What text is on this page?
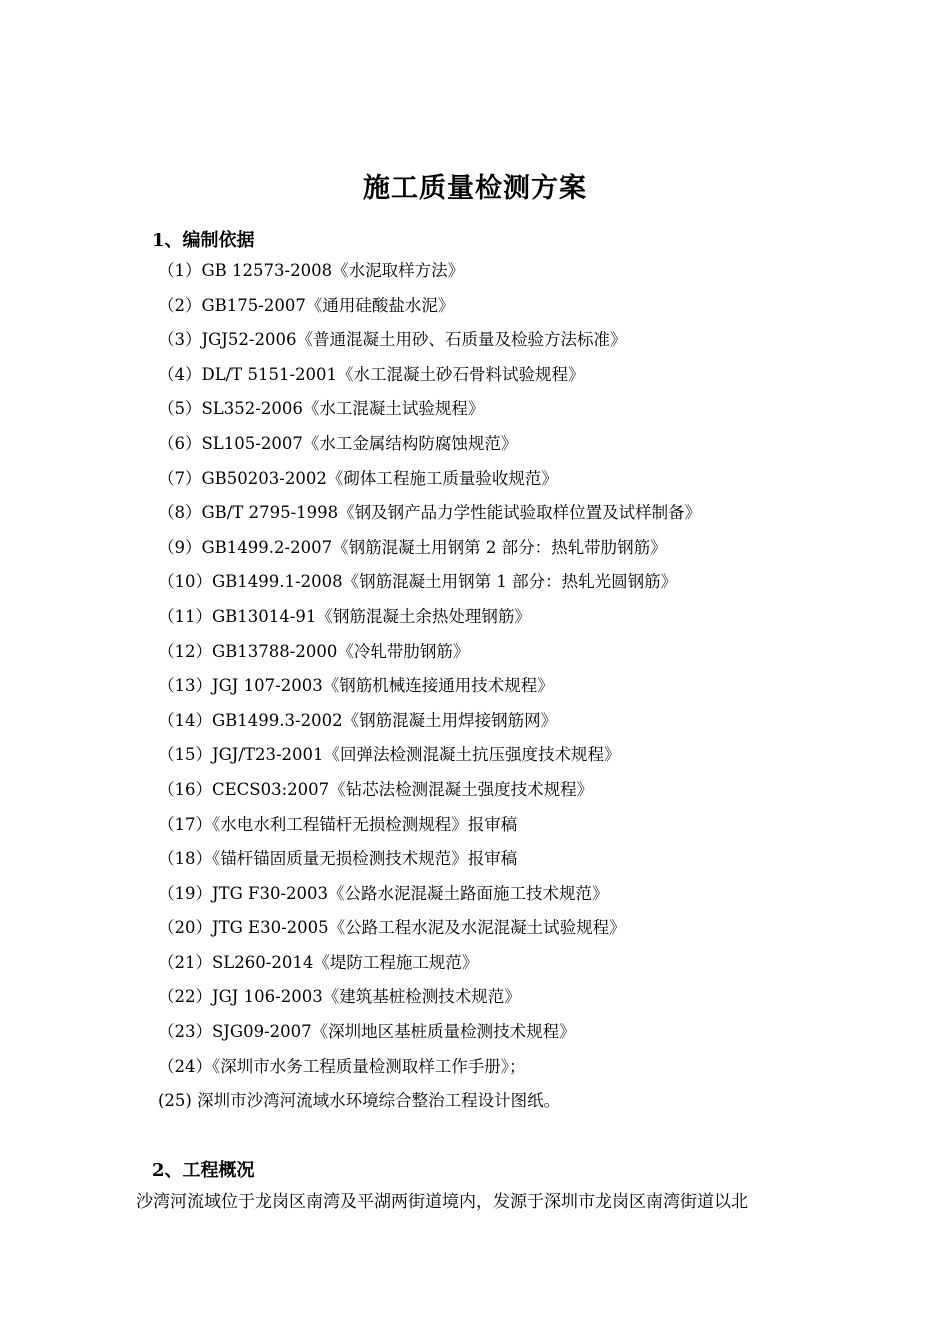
施工质量检测方案
1、编制依据
（1）GB 12573-2008《水泥取样方法》
（2）GB175-2007《通用硅酸盐水泥》
（3）JGJ52-2006《普通混凝土用砂、石质量及检验方法标准》
（4）DL/T 5151-2001《水工混凝土砂石骨料试验规程》
（5）SL352-2006《水工混凝土试验规程》
（6）SL105-2007《水工金属结构防腐蚀规范》
（7）GB50203-2002《砌体工程施工质量验收规范》
（8）GB/T 2795-1998《钢及钢产品力学性能试验取样位置及试样制备》
（9）GB1499.2-2007《钢筋混凝土用钢第 2 部分：热轧带肋钢筋》
（10）GB1499.1-2008《钢筋混凝土用钢第 1 部分：热轧光圆钢筋》
（11）GB13014-91《钢筋混凝土余热处理钢筋》
（12）GB13788-2000《冷轧带肋钢筋》
（13）JGJ 107-2003《钢筋机械连接通用技术规程》
（14）GB1499.3-2002《钢筋混凝土用焊接钢筋网》
（15）JGJ/T23-2001《回弹法检测混凝土抗压强度技术规程》
（16）CECS03:2007《钻芯法检测混凝土强度技术规程》
（17）《水电水利工程锚杆无损检测规程》报审稿
（18）《锚杆锚固质量无损检测技术规范》报审稿
（19）JTG F30-2003《公路水泥混凝土路面施工技术规范》
（20）JTG E30-2005《公路工程水泥及水泥混凝土试验规程》
（21）SL260-2014《堤防工程施工规范》
（22）JGJ 106-2003《建筑基桩检测技术规范》
（23）SJG09-2007《深圳地区基桩质量检测技术规程》
（24）《深圳市水务工程质量检测取样工作手册》；
(25) 深圳市沙湾河流域水环境综合整治工程设计图纸。
2、工程概况

沙湾河流域位于龙岗区南湾及平湖两街道境内，发源于深圳市龙岗区南湾街道以北
